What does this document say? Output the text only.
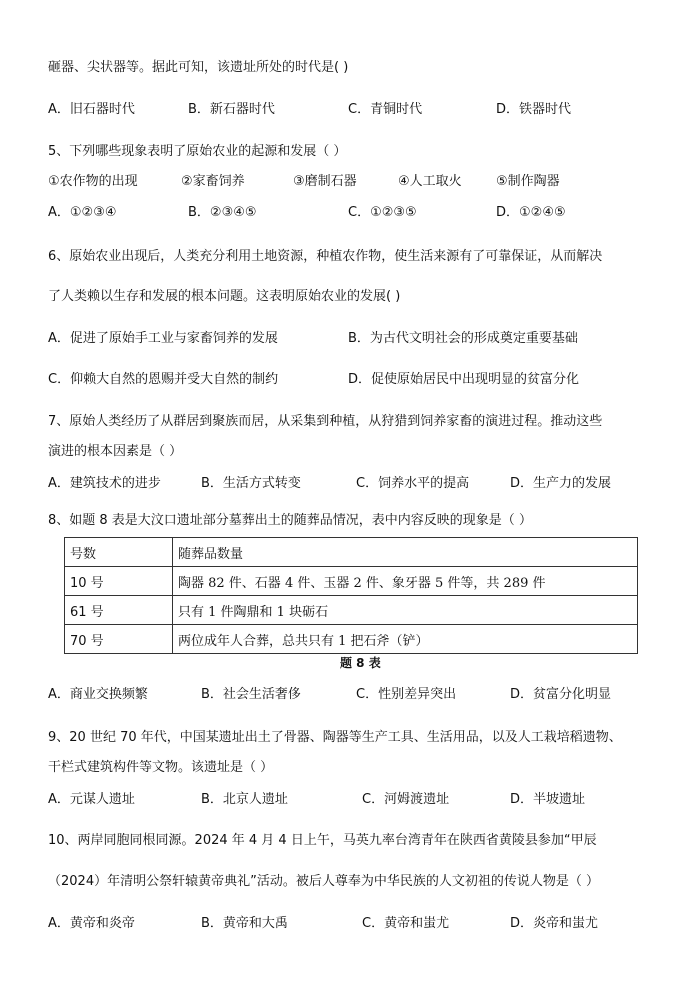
砸器、尖状器等。据此可知，该遗址所处的时代是( )
A．旧石器时代	B．新石器时代	C．青铜时代	D．铁器时代
5、下列哪些现象表明了原始农业的起源和发展（ ）
①农作物的出现	②家畜饲养	③磨制石器	④人工取火	⑤制作陶器
A．①②③④	B．②③④⑤	C．①②③⑤	D．①②④⑤
6、原始农业出现后，人类充分利用土地资源，种植农作物，使生活来源有了可靠保证，从而解决
了人类赖以生存和发展的根本问题。这表明原始农业的发展( )
A．促进了原始手工业与家畜饲养的发展	B．为古代文明社会的形成奠定重要基础
C．仰赖大自然的恩赐并受大自然的制约	D．促使原始居民中出现明显的贫富分化
7、原始人类经历了从群居到聚族而居，从采集到种植，从狩猎到饲养家畜的演进过程。推动这些
演进的根本因素是（ ）
A．建筑技术的进步	B．生活方式转变	C．饲养水平的提高	D．生产力的发展
8、如题 8 表是大汶口遗址部分墓葬出土的随葬品情况，表中内容反映的现象是（ ）
号数	随葬品数量
10 号	陶器 82 件、石器 4 件、玉器 2 件、象牙器 5 件等，共 289 件
61 号	只有 1 件陶鼎和 1 块砺石
70 号	两位成年人合葬，总共只有 1 把石斧（铲）
题 8 表
A．商业交换频繁	B．社会生活奢侈	C．性别差异突出	D．贫富分化明显
9、20 世纪 70 年代，中国某遗址出土了骨器、陶器等生产工具、生活用品，以及人工栽培稻遗物、
干栏式建筑构件等文物。该遗址是（ ）
A．元谋人遗址	B．北京人遗址	C．河姆渡遗址	D．半坡遗址
10、两岸同胞同根同源。2024 年 4 月 4 日上午，马英九率台湾青年在陕西省黄陵县参加“甲辰
（2024）年清明公祭轩辕黄帝典礼”活动。被后人尊奉为中华民族的人文初祖的传说人物是（ ）
A．黄帝和炎帝	B．黄帝和大禹	C．黄帝和蚩尤	D．炎帝和蚩尤
